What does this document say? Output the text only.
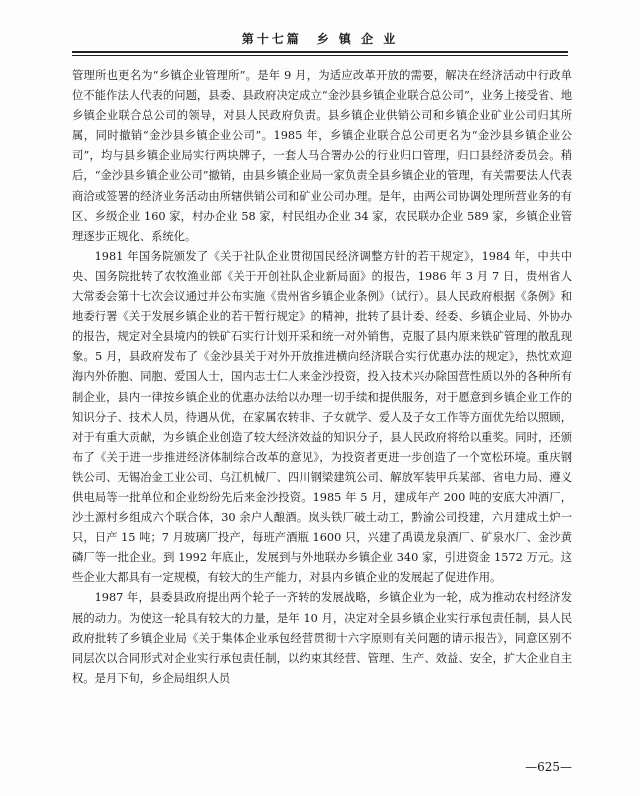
第十七篇　乡 镇 企 业

管理所也更名为“乡镇企业管理所”。是年 9 月，为适应改革开放的需要，解决在经济活动中行政单位不能作法人代表的问题，县委、县政府决定成立“金沙县乡镇企业联合总公司”，业务上接受省、地乡镇企业联合总公司的领导，对县人民政府负责。县乡镇企业供销公司和乡镇企业矿业公司归其所属，同时撤销“金沙县乡镇企业公司”。1985 年，乡镇企业联合总公司更名为“金沙县乡镇企业公司”，均与县乡镇企业局实行两块牌子，一套人马合署办公的行业归口管理，归口县经济委员会。稍后，“金沙县乡镇企业公司”撤销，由县乡镇企业局一家负责全县乡镇企业的管理，有关需要法人代表商洽或签署的经济业务活动由所辖供销公司和矿业公司办理。是年，由两公司协调处理所营业务的有区、乡级企业 160 家，村办企业 58 家，村民组办企业 34 家，农民联办企业 589 家，乡镇企业管理逐步正规化、系统化。

1981 年国务院颁发了《关于社队企业贯彻国民经济调整方针的若干规定》，1984 年，中共中央、国务院批转了农牧渔业部《关于开创社队企业新局面》的报告，1986 年 3 月 7 日，贵州省人大常委会第十七次会议通过并公布实施《贵州省乡镇企业条例》（试行）。县人民政府根据《条例》和地委行署《关于发展乡镇企业的若干暂行规定》的精神，批转了县计委、经委、乡镇企业局、外协办的报告，规定对全县境内的铁矿石实行计划开采和统一对外销售，克服了县内原来铁矿管理的散乱现象。5 月，县政府发布了《金沙县关于对外开放推进横向经济联合实行优惠办法的规定》，热忱欢迎海内外侨胞、同胞、爱国人士，国内志士仁人来金沙投资，投入技术兴办除国营性质以外的各种所有制企业，县内一律按乡镇企业的优惠办法给以办理一切手续和提供服务，对于愿意到乡镇企业工作的知识分子、技术人员，待遇从优，在家属农转非、子女就学、爱人及子女工作等方面优先给以照顾，对于有重大贡献，为乡镇企业创造了较大经济效益的知识分子，县人民政府将给以重奖。同时，还颁布了《关于进一步推进经济体制综合改革的意见》，为投资者更进一步创造了一个宽松环境。重庆钢铁公司、无锡冶金工业公司、乌江机械厂、四川钢梁建筑公司、解放军装甲兵某部、省电力局、遵义供电局等一批单位和企业纷纷先后来金沙投资。1985 年 5 月，建成年产 200 吨的安底大冲酒厂，沙土源村乡组成六个联合体，30 余户人酿酒。岚头铁厂破土动工，黔渝公司投建，六月建成土炉一只，日产 15 吨；7 月玻璃厂投产，每班产酒瓶 1600 只，兴建了禹谟龙泉酒厂、矿泉水厂、金沙黄磷厂等一批企业。到 1992 年底止，发展到与外地联办乡镇企业 340 家，引进资金 1572 万元。这些企业大都具有一定规模，有较大的生产能力，对县内乡镇企业的发展起了促进作用。

1987 年，县委县政府提出两个轮子一齐转的发展战略，乡镇企业为一轮，成为推动农村经济发展的动力。为使这一轮具有较大的力量，是年 10 月，决定对全县乡镇企业实行承包责任制，县人民政府批转了乡镇企业局《关于集体企业承包经营贯彻十六字原则有关问题的请示报告》，同意区别不同层次以合同形式对企业实行承包责任制，以约束其经营、管理、生产、效益、安全，扩大企业自主权。是月下旬，乡企局组织人员

—625—
